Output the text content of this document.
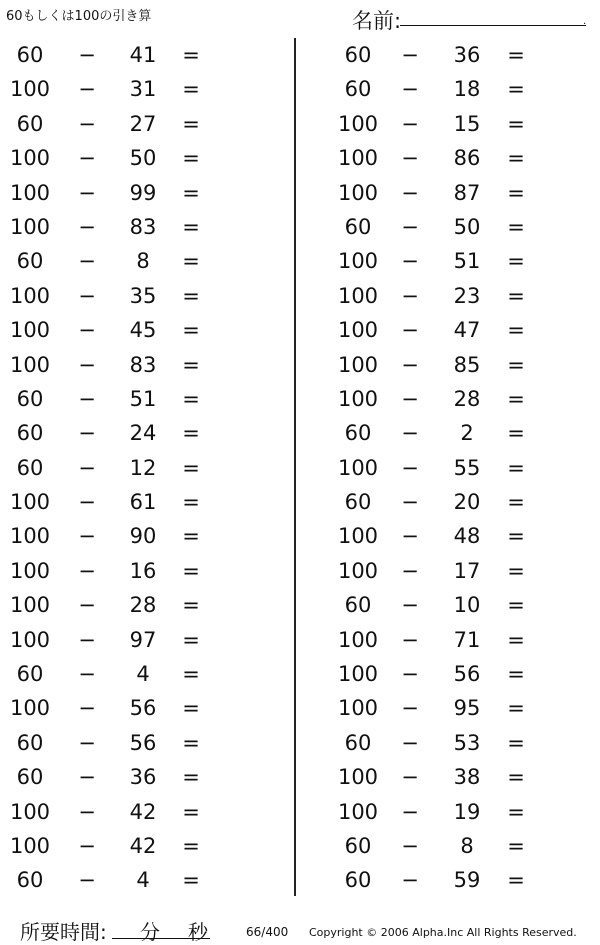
60もしくは100の引き算	名前:	.
60	−	41	=
100	−	31	=
60	−	27	=
100	−	50	=
100	−	99	=
100	−	83	=
60	−	8	=
100	−	35	=
100	−	45	=
100	−	83	=
60	−	51	=
60	−	24	=
60	−	12	=
100	−	61	=
100	−	90	=
100	−	16	=
100	−	28	=
100	−	97	=
60	−	4	=
100	−	56	=
60	−	56	=
60	−	36	=
100	−	42	=
100	−	42	=
60	−	4	=
60	−	36	=
60	−	18	=
100	−	15	=
100	−	86	=
100	−	87	=
60	−	50	=
100	−	51	=
100	−	23	=
100	−	47	=
100	−	85	=
100	−	28	=
60	−	2	=
100	−	55	=
60	−	20	=
100	−	48	=
100	−	17	=
60	−	10	=
100	−	71	=
100	−	56	=
100	−	95	=
60	−	53	=
100	−	38	=
100	−	19	=
60	−	8	=
60	−	59	=
所要時間: 分 秒	66/400 Copyright © 2006 Alpha.Inc All Rights Reserved.
